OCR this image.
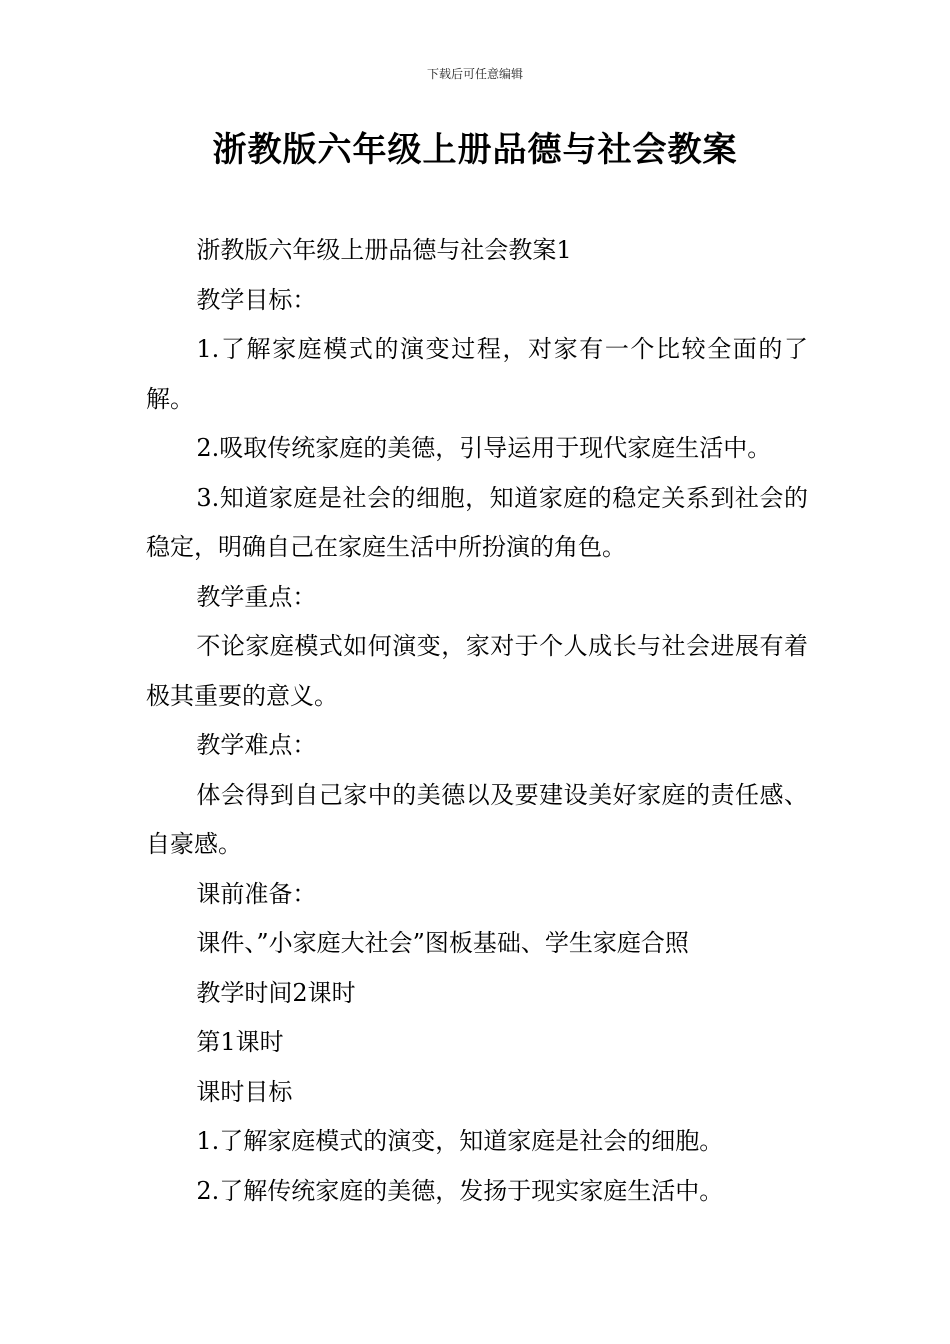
下载后可任意编辑
浙教版六年级上册品德与社会教案

浙教版六年级上册品德与社会教案1

教学目标：

1.了解家庭模式的演变过程，对家有一个比较全面的了解。

2.吸取传统家庭的美德，引导运用于现代家庭生活中。

3.知道家庭是社会的细胞，知道家庭的稳定关系到社会的稳定，明确自己在家庭生活中所扮演的角色。

教学重点：

不论家庭模式如何演变，家对于个人成长与社会进展有着极其重要的意义。

教学难点：

体会得到自己家中的美德以及要建设美好家庭的责任感、自豪感。

课前准备：

课件、”小家庭大社会”图板基础、学生家庭合照

教学时间2课时

第1课时

课时目标

1.了解家庭模式的演变，知道家庭是社会的细胞。

2.了解传统家庭的美德，发扬于现实家庭生活中。
